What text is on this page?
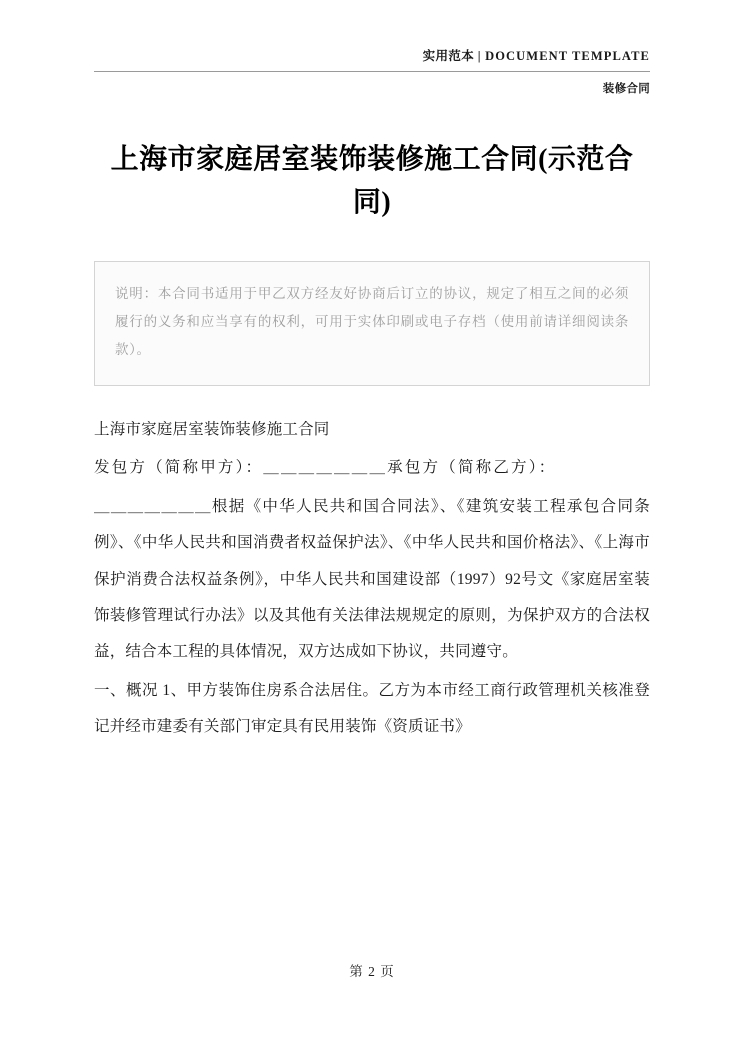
实用范本 | DOCUMENT TEMPLATE
装修合同
上海市家庭居室装饰装修施工合同(示范合同)
说明：本合同书适用于甲乙双方经友好协商后订立的协议，规定了相互之间的必须履行的义务和应当享有的权利，可用于实体印刷或电子存档（使用前请详细阅读条款）。

上海市家庭居室装饰装修施工合同

发包方（简称甲方）：＿＿＿＿＿＿＿承包方（简称乙方）：

＿＿＿＿＿＿＿根据《中华人民共和国合同法》、《建筑安装工程承包合同条例》、《中华人民共和国消费者权益保护法》、《中华人民共和国价格法》、《上海市保护消费合法权益条例》，中华人民共和国建设部（1997）92号文《家庭居室装饰装修管理试行办法》以及其他有关法律法规规定的原则，为保护双方的合法权益，结合本工程的具体情况，双方达成如下协议，共同遵守。

一、概况 1、甲方装饰住房系合法居住。乙方为本市经工商行政管理机关核准登记并经市建委有关部门审定具有民用装饰《资质证书》

第 2 页
